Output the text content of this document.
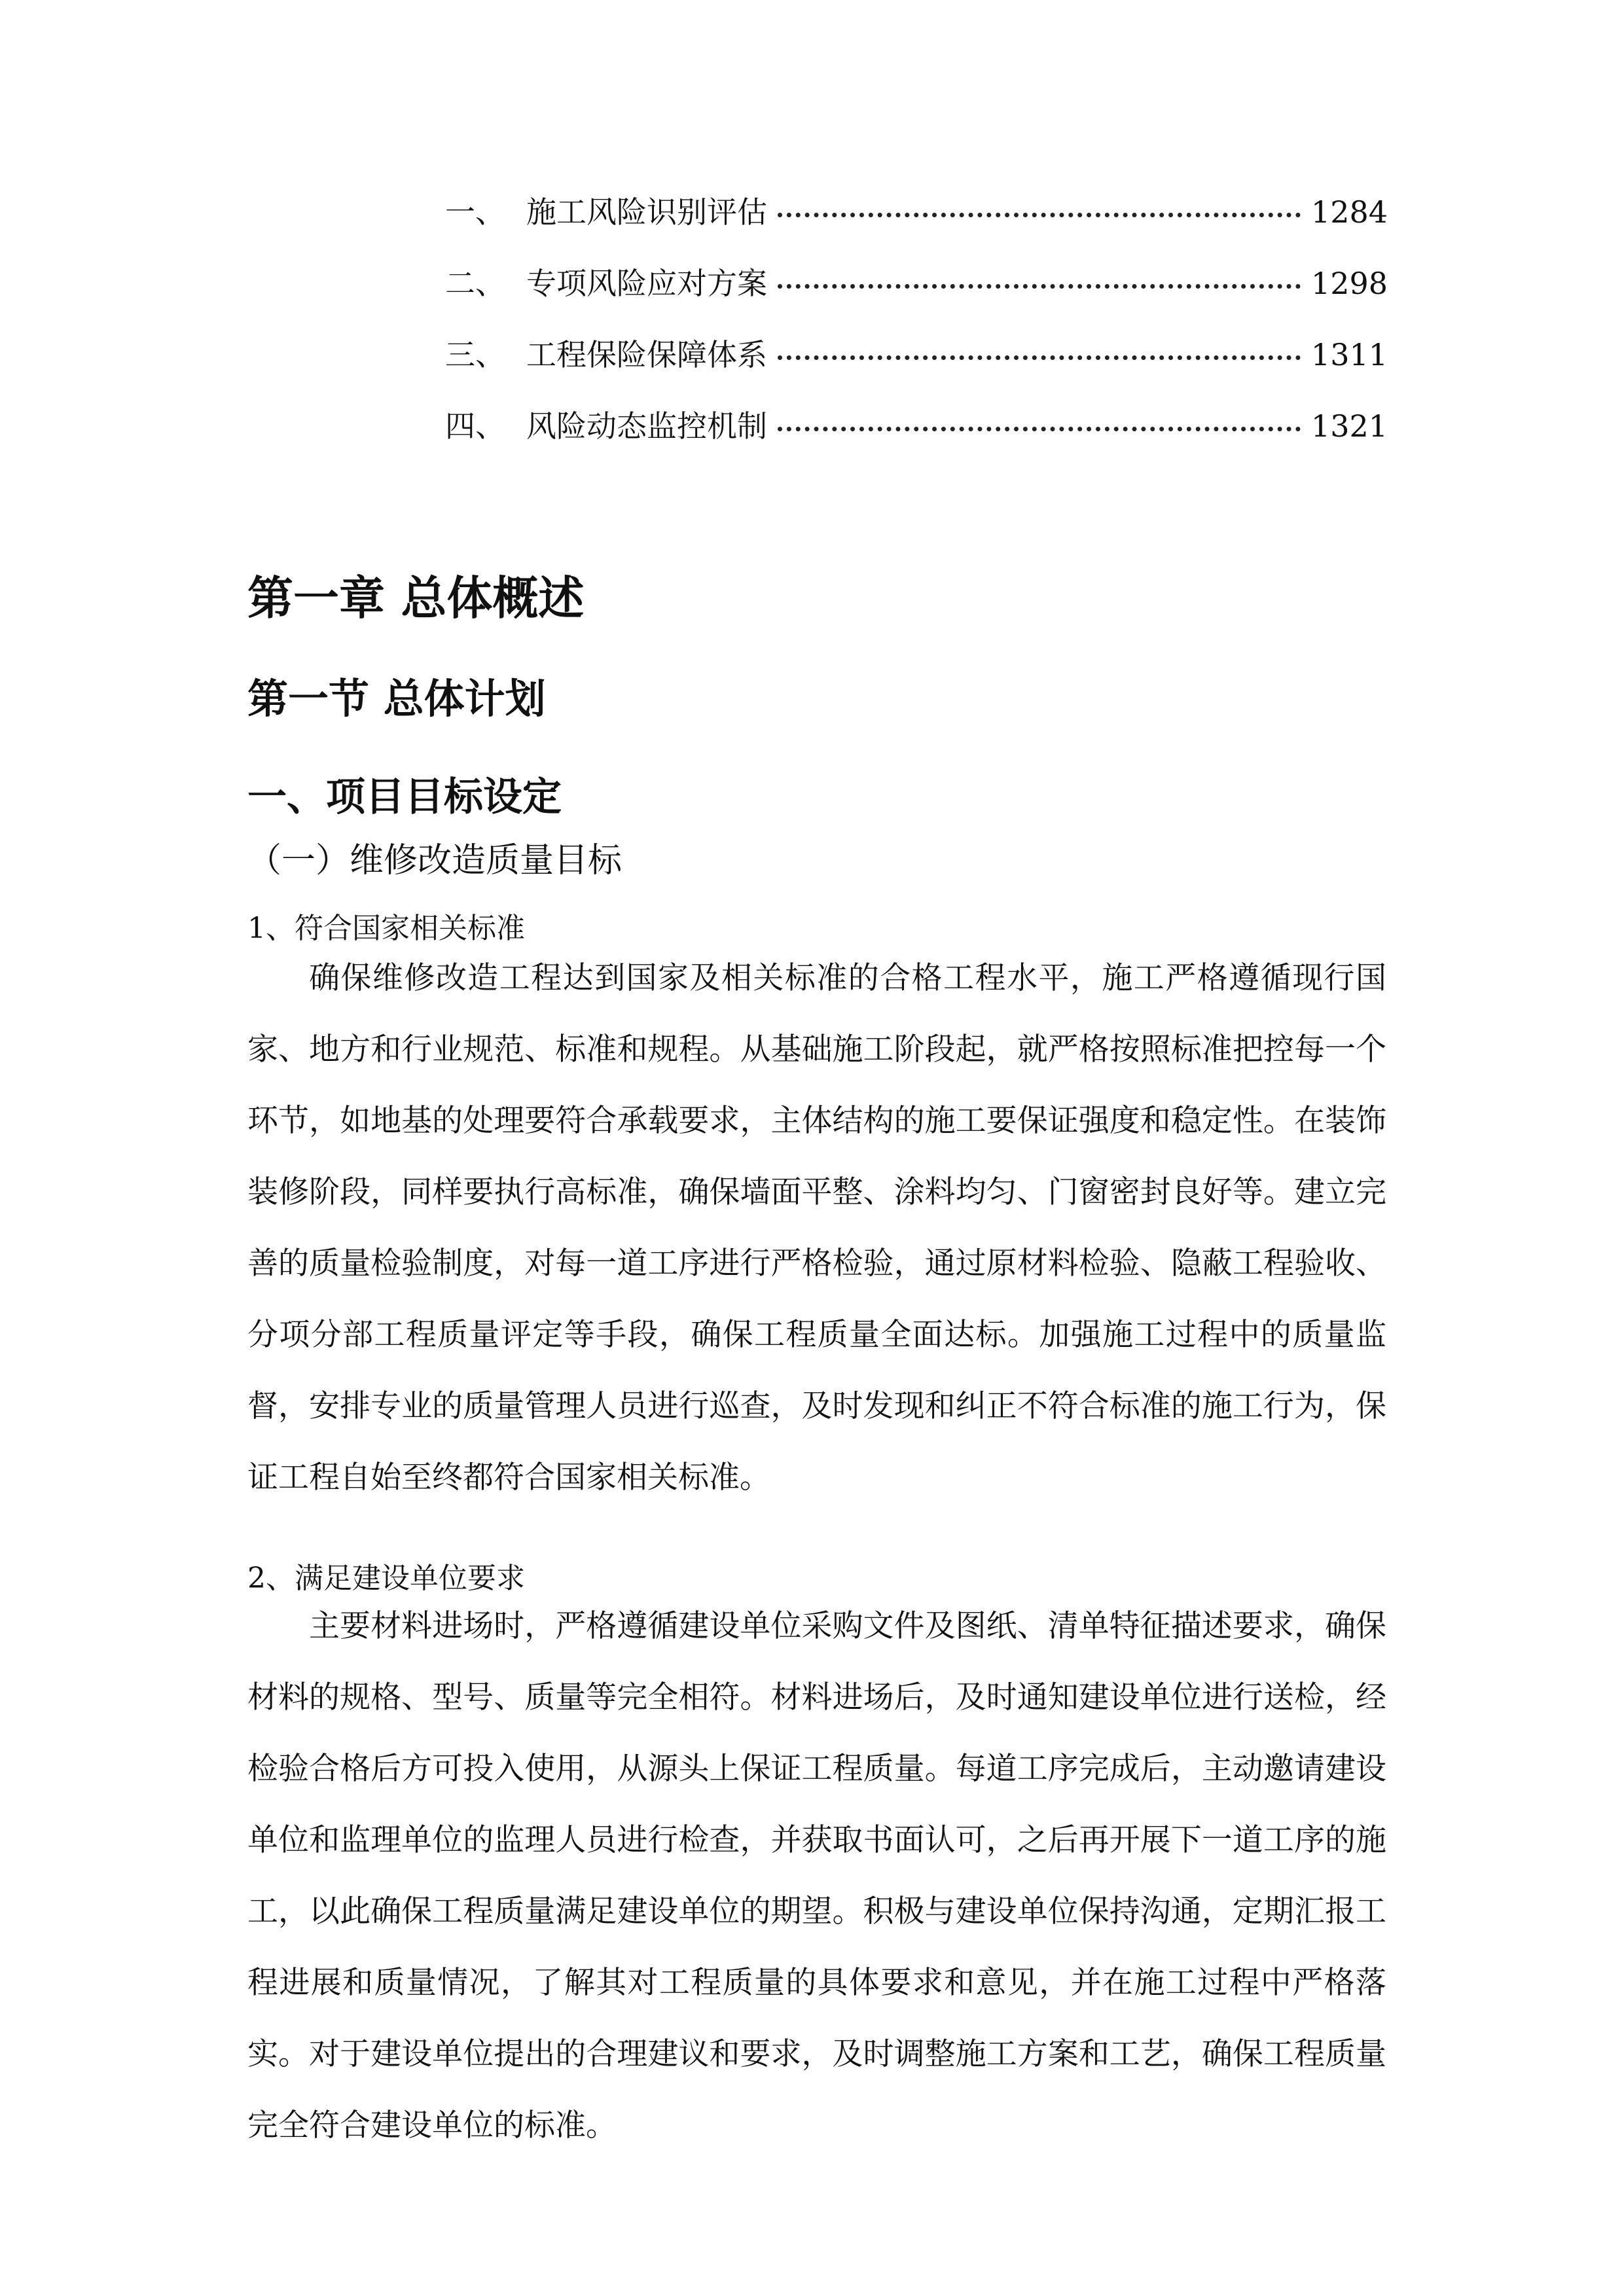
一、 施工风险识别评估	1284
二、 专项风险应对方案	1298
三、 工程保险保障体系	1311
四、 风险动态监控机制	1321
第一章 总体概述
第一节 总体计划
一、项目目标设定
（一）维修改造质量目标
1、符合国家相关标准

确保维修改造工程达到国家及相关标准的合格工程水平，施工严格遵循现行国家、地方和行业规范、标准和规程。从基础施工阶段起，就严格按照标准把控每一个环节，如地基的处理要符合承载要求，主体结构的施工要保证强度和稳定性。在装饰装修阶段，同样要执行高标准，确保墙面平整、涂料均匀、门窗密封良好等。建立完善的质量检验制度，对每一道工序进行严格检验，通过原材料检验、隐蔽工程验收、分项分部工程质量评定等手段，确保工程质量全面达标。加强施工过程中的质量监督，安排专业的质量管理人员进行巡查，及时发现和纠正不符合标准的施工行为，保证工程自始至终都符合国家相关标准。

2、满足建设单位要求

主要材料进场时，严格遵循建设单位采购文件及图纸、清单特征描述要求，确保材料的规格、型号、质量等完全相符。材料进场后，及时通知建设单位进行送检，经检验合格后方可投入使用，从源头上保证工程质量。每道工序完成后，主动邀请建设单位和监理单位的监理人员进行检查，并获取书面认可，之后再开展下一道工序的施工，以此确保工程质量满足建设单位的期望。积极与建设单位保持沟通，定期汇报工程进展和质量情况，了解其对工程质量的具体要求和意见，并在施工过程中严格落实。对于建设单位提出的合理建议和要求，及时调整施工方案和工艺，确保工程质量完全符合建设单位的标准。
